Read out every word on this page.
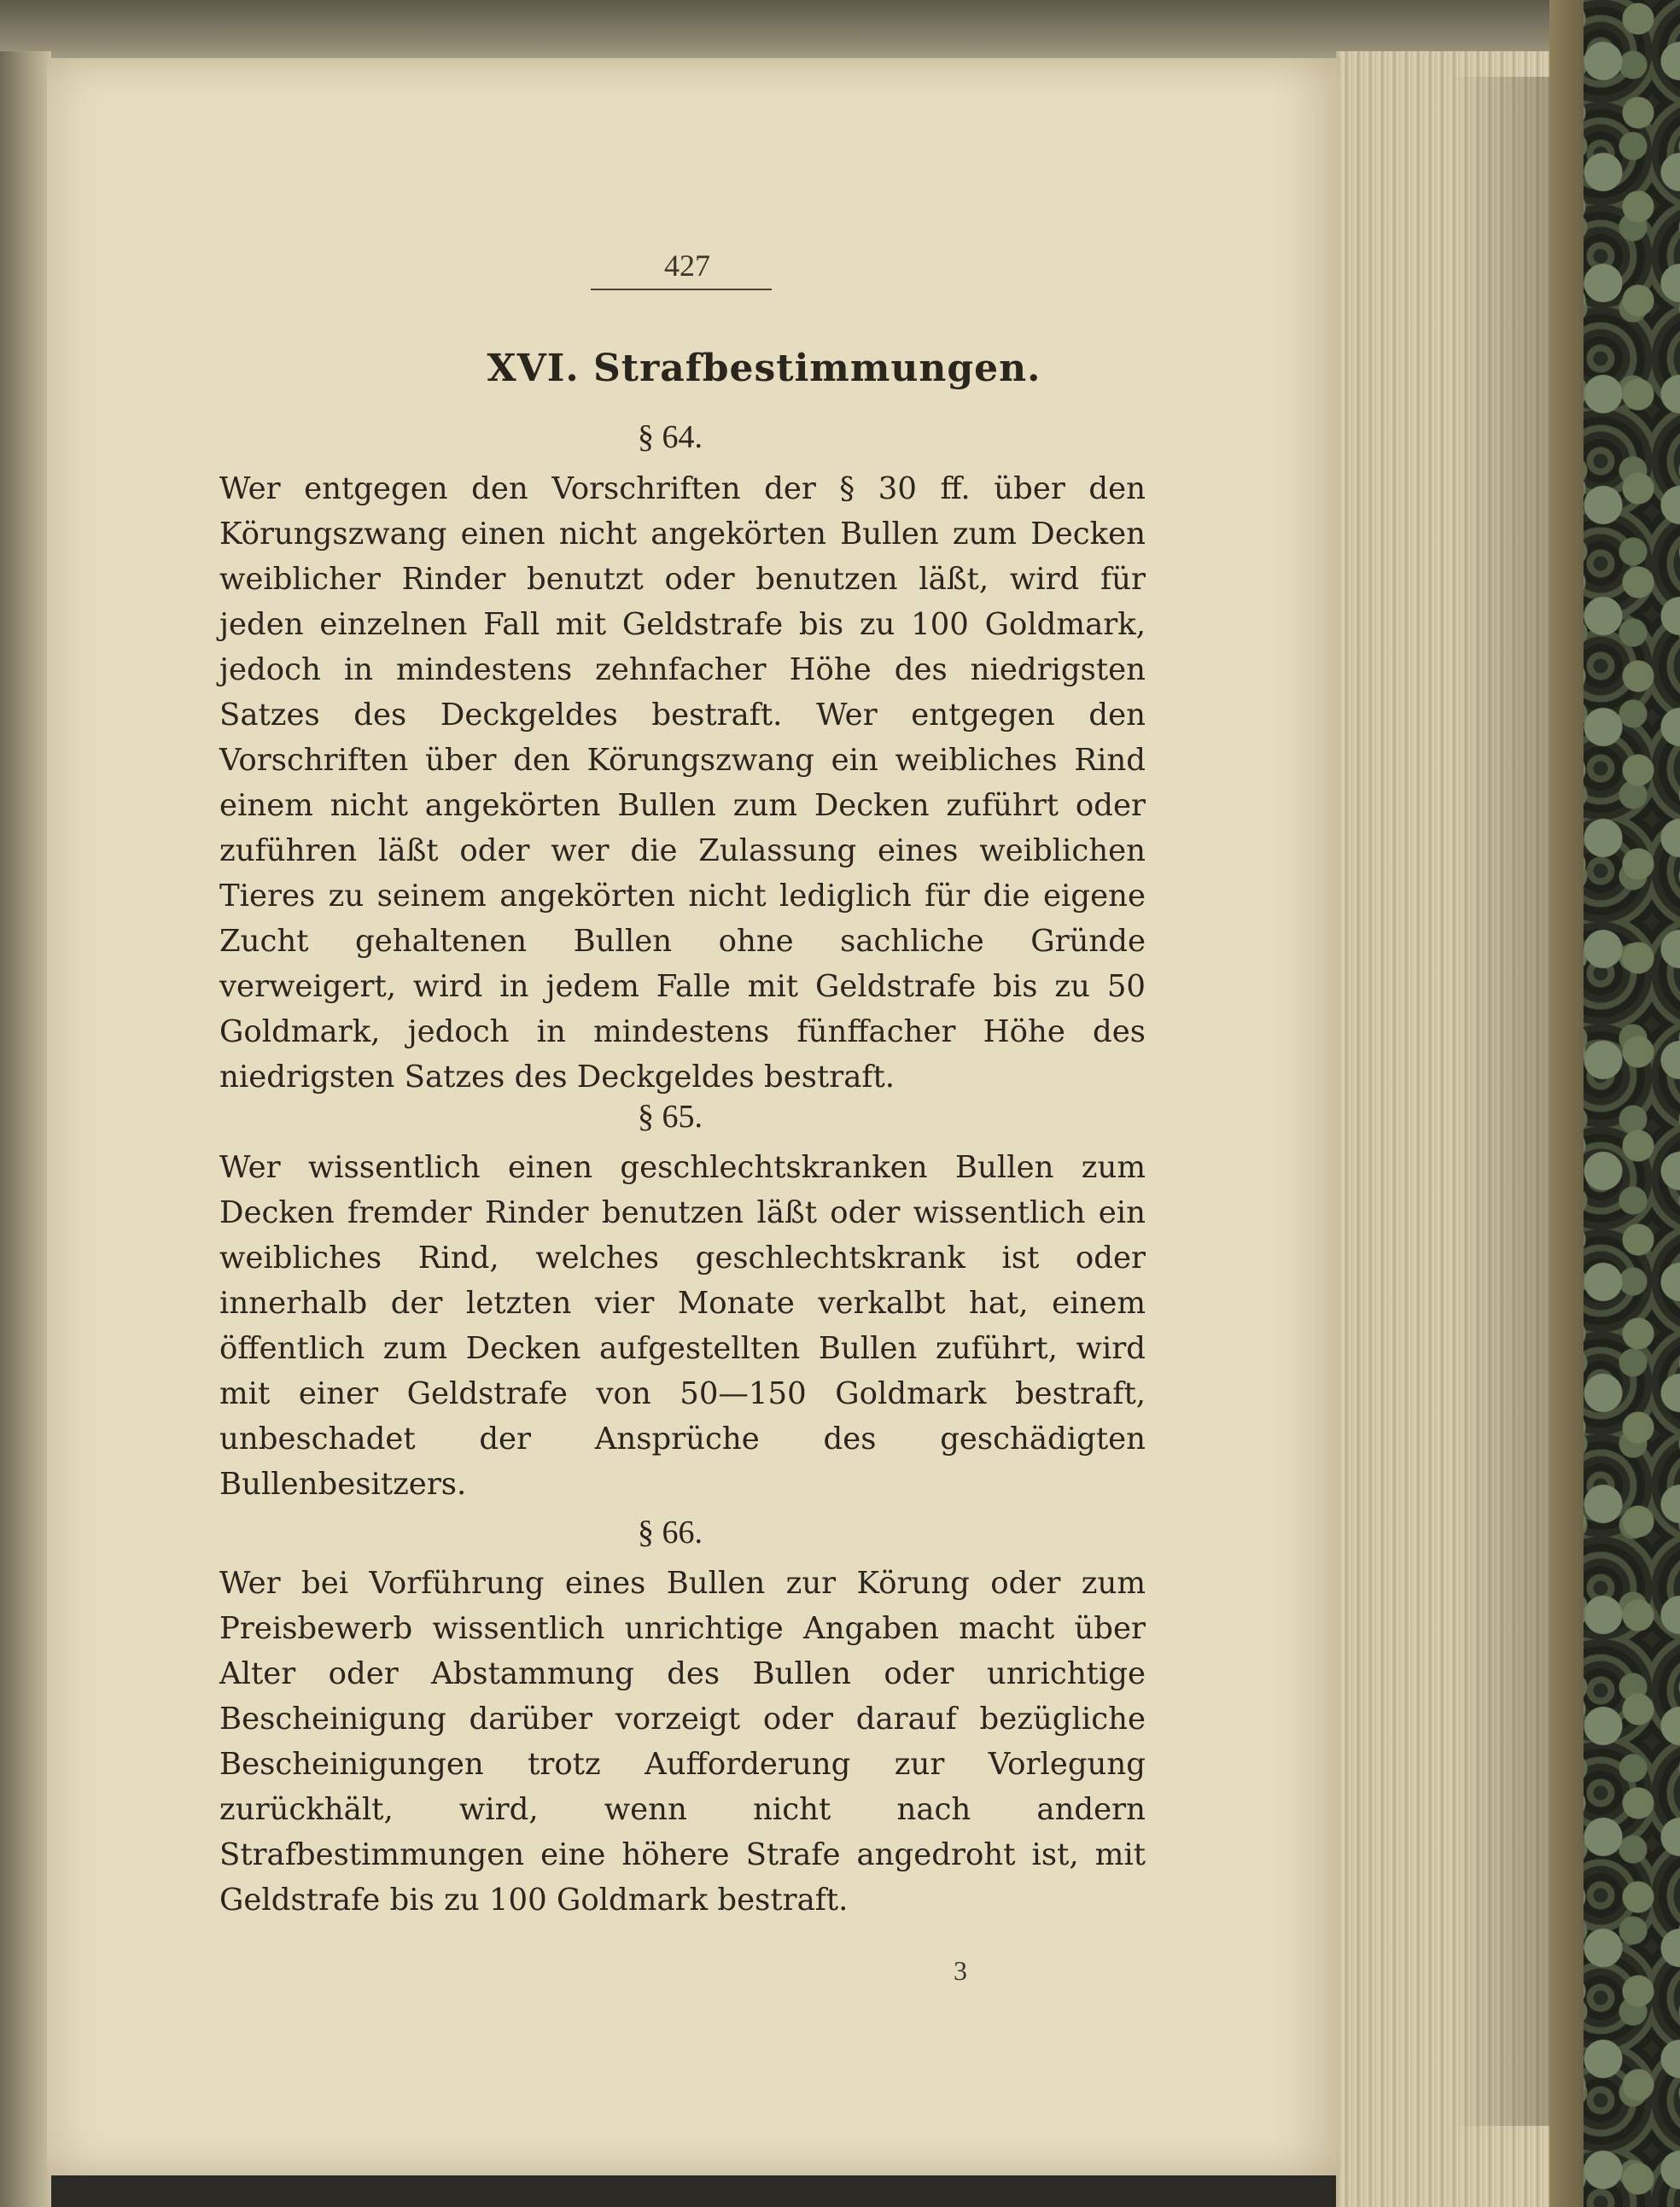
427
XVI. Strafbestimmungen.
§ 64.
Wer entgegen den Vorschriften der § 30 ff. über den Körungszwang einen nicht angekörten Bullen zum Decken weiblicher Rinder benutzt oder benutzen läßt, wird für jeden einzelnen Fall mit Geldstrafe bis zu 100 Goldmark, jedoch in mindestens zehnfacher Höhe des niedrigsten Satzes des Deckgeldes bestraft. Wer entgegen den Vorschriften über den Körungszwang ein weibliches Rind einem nicht angekörten Bullen zum Decken zuführt oder zuführen läßt oder wer die Zulassung eines weiblichen Tieres zu seinem angekörten nicht lediglich für die eigene Zucht gehaltenen Bullen ohne sachliche Gründe verweigert, wird in jedem Falle mit Geldstrafe bis zu 50 Goldmark, jedoch in mindestens fünffacher Höhe des niedrigsten Satzes des Deckgeldes bestraft.
§ 65.
Wer wissentlich einen geschlechtskranken Bullen zum Decken fremder Rinder benutzen läßt oder wissentlich ein weibliches Rind, welches geschlechtskrank ist oder innerhalb der letzten vier Monate verkalbt hat, einem öffentlich zum Decken aufgestellten Bullen zuführt, wird mit einer Geldstrafe von 50—150 Goldmark bestraft, unbeschadet der Ansprüche des geschädigten Bullenbesitzers.
§ 66.
Wer bei Vorführung eines Bullen zur Körung oder zum Preisbewerb wissentlich unrichtige Angaben macht über Alter oder Abstammung des Bullen oder unrichtige Bescheinigung darüber vorzeigt oder darauf bezügliche Bescheinigungen trotz Aufforderung zur Vorlegung zurückhält, wird, wenn nicht nach andern Strafbestimmungen eine höhere Strafe angedroht ist, mit Geldstrafe bis zu 100 Goldmark bestraft.
3
